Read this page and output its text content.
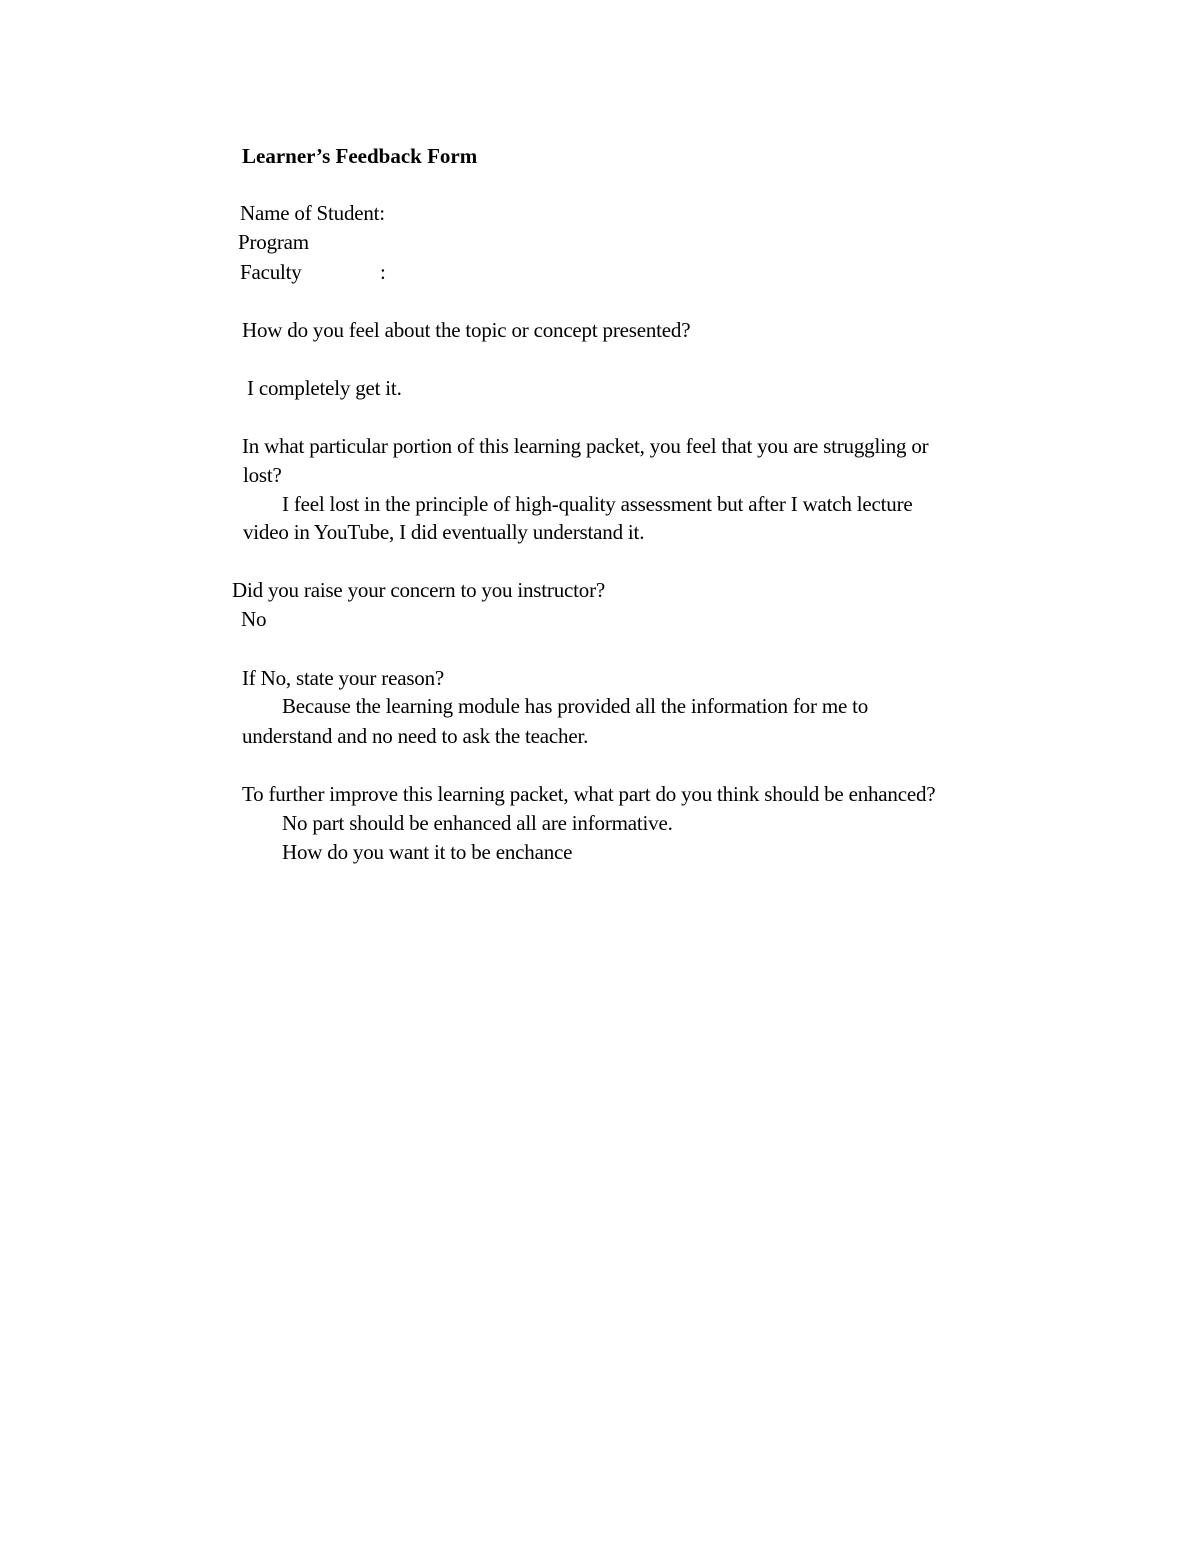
Learner’s Feedback Form
Name of Student:
Program
Faculty	:
How do you feel about the topic or concept presented?
I completely get it.
In what particular portion of this learning packet, you feel that you are struggling or
lost?
I feel lost in the principle of high-quality assessment but after I watch lecture
video in YouTube, I did eventually understand it.
Did you raise your concern to you instructor?
No
If No, state your reason?
Because the learning module has provided all the information for me to
understand and no need to ask the teacher.
To further improve this learning packet, what part do you think should be enhanced?
No part should be enhanced all are informative.
How do you want it to be enchance
